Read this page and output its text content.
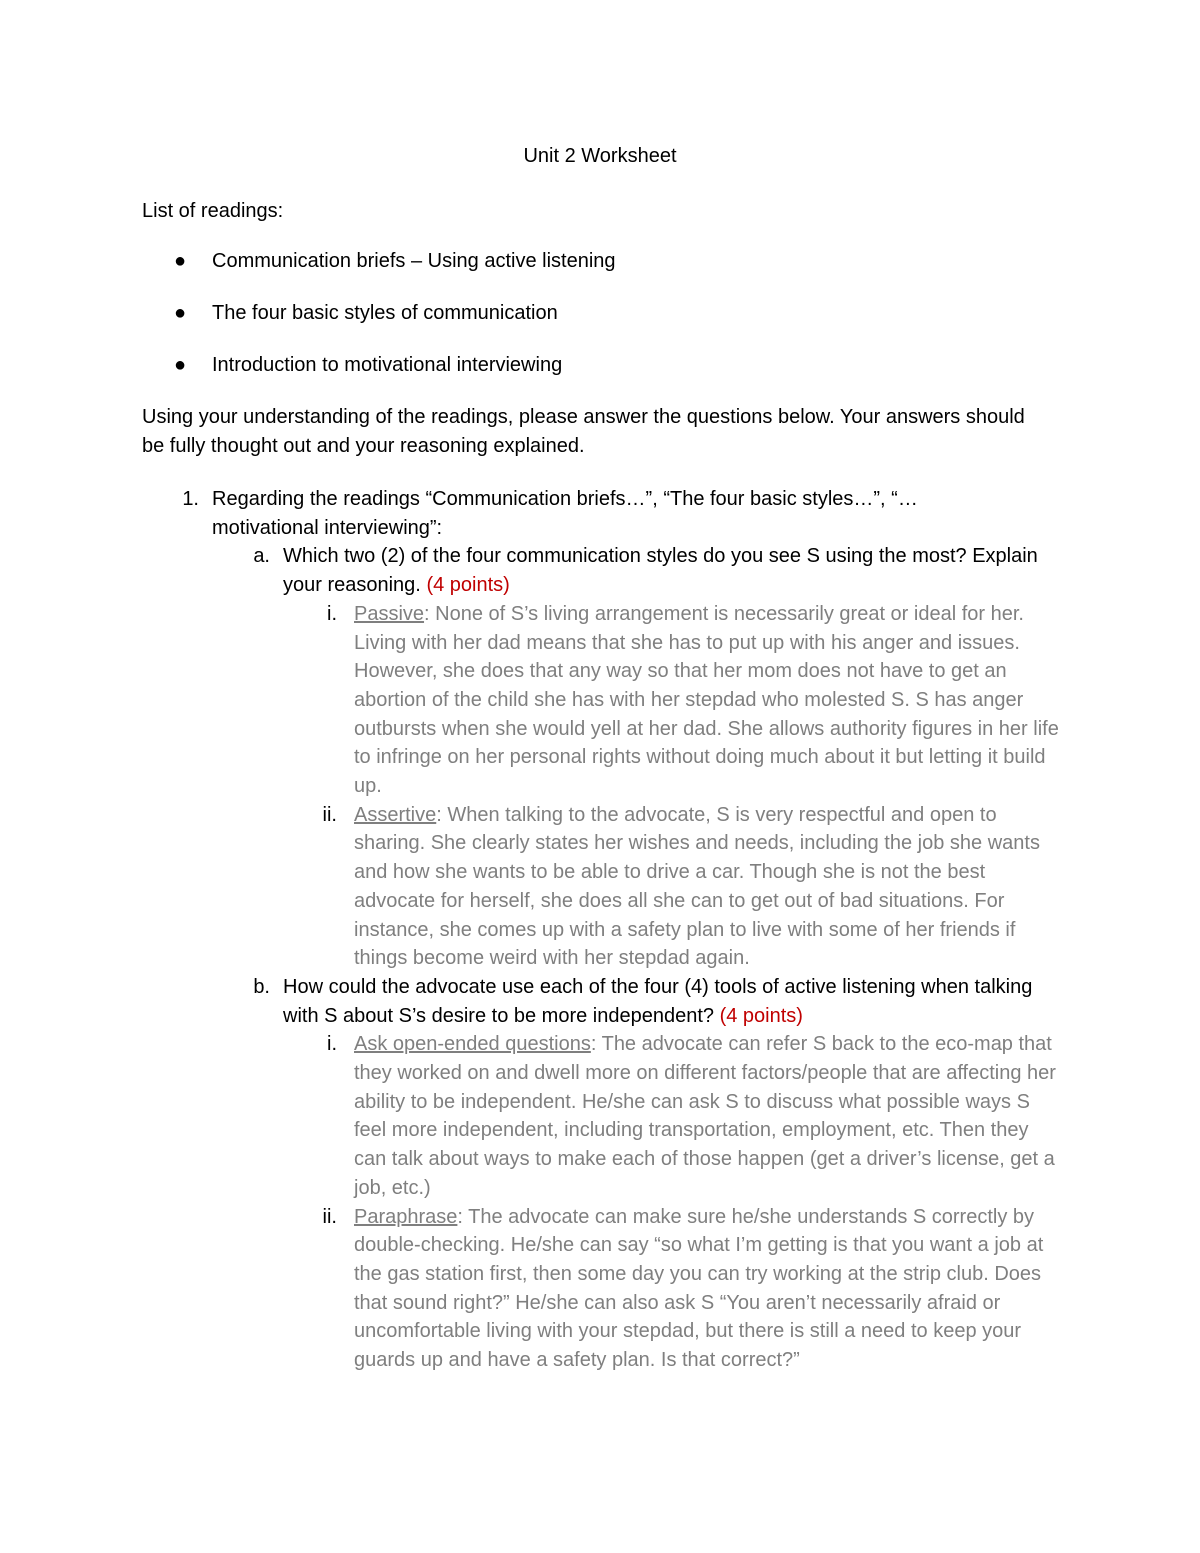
Unit 2 Worksheet

List of readings:

●	Communication briefs – Using active listening
●	The four basic styles of communication
●	Introduction to motivational interviewing

Using your understanding of the readings, please answer the questions below. Your answers should be fully thought out and your reasoning explained.

1. Regarding the readings “Communication briefs…”, “The four basic styles…”, “… motivational interviewing”:
a. Which two (2) of the four communication styles do you see S using the most? Explain your reasoning. (4 points)
i. Passive: None of S’s living arrangement is necessarily great or ideal for her. Living with her dad means that she has to put up with his anger and issues. However, she does that any way so that her mom does not have to get an abortion of the child she has with her stepdad who molested S. S has anger outbursts when she would yell at her dad. She allows authority figures in her life to infringe on her personal rights without doing much about it but letting it build up.
ii. Assertive: When talking to the advocate, S is very respectful and open to sharing. She clearly states her wishes and needs, including the job she wants and how she wants to be able to drive a car. Though she is not the best advocate for herself, she does all she can to get out of bad situations. For instance, she comes up with a safety plan to live with some of her friends if things become weird with her stepdad again.
b. How could the advocate use each of the four (4) tools of active listening when talking with S about S’s desire to be more independent? (4 points)
i. Ask open-ended questions: The advocate can refer S back to the eco-map that they worked on and dwell more on different factors/people that are affecting her ability to be independent. He/she can ask S to discuss what possible ways S feel more independent, including transportation, employment, etc. Then they can talk about ways to make each of those happen (get a driver’s license, get a job, etc.)
ii. Paraphrase: The advocate can make sure he/she understands S correctly by double-checking. He/she can say “so what I’m getting is that you want a job at the gas station first, then some day you can try working at the strip club. Does that sound right?” He/she can also ask S “You aren’t necessarily afraid or uncomfortable living with your stepdad, but there is still a need to keep your guards up and have a safety plan. Is that correct?”
